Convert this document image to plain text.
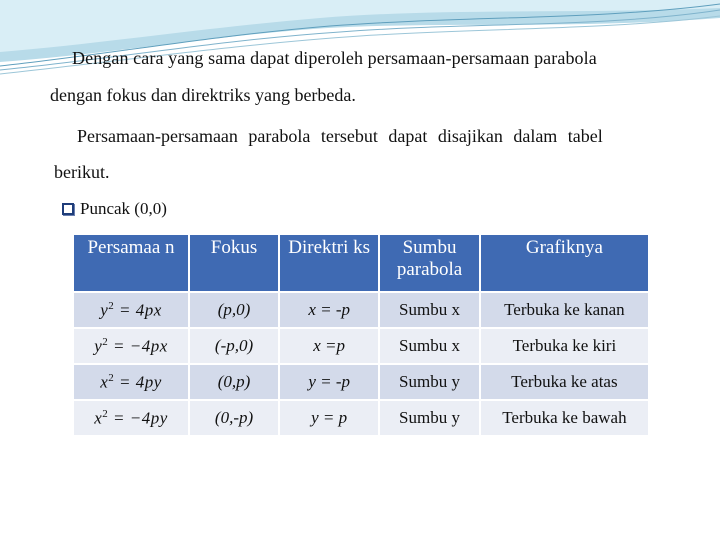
Dengan cara yang sama dapat diperoleh persamaan-persamaan parabola

dengan fokus dan direktriks yang berbeda.

Persamaan-persamaan parabola tersebut dapat disajikan dalam tabel

berikut.

Puncak (0,0)
Persamaa n	Fokus	Direktri ks	Sumbu parabola	Grafiknya
$y^2 = 4px$	(p,0)	x = -p	Sumbu x	Terbuka ke kanan
$y^2 = -4px$	(-p,0)	x =p	Sumbu x	Terbuka ke kiri
$x^2 = 4py$	(0,p)	y = -p	Sumbu y	Terbuka ke atas
$x^2 = -4py$	(0,-p)	y = p	Sumbu y	Terbuka ke bawah
